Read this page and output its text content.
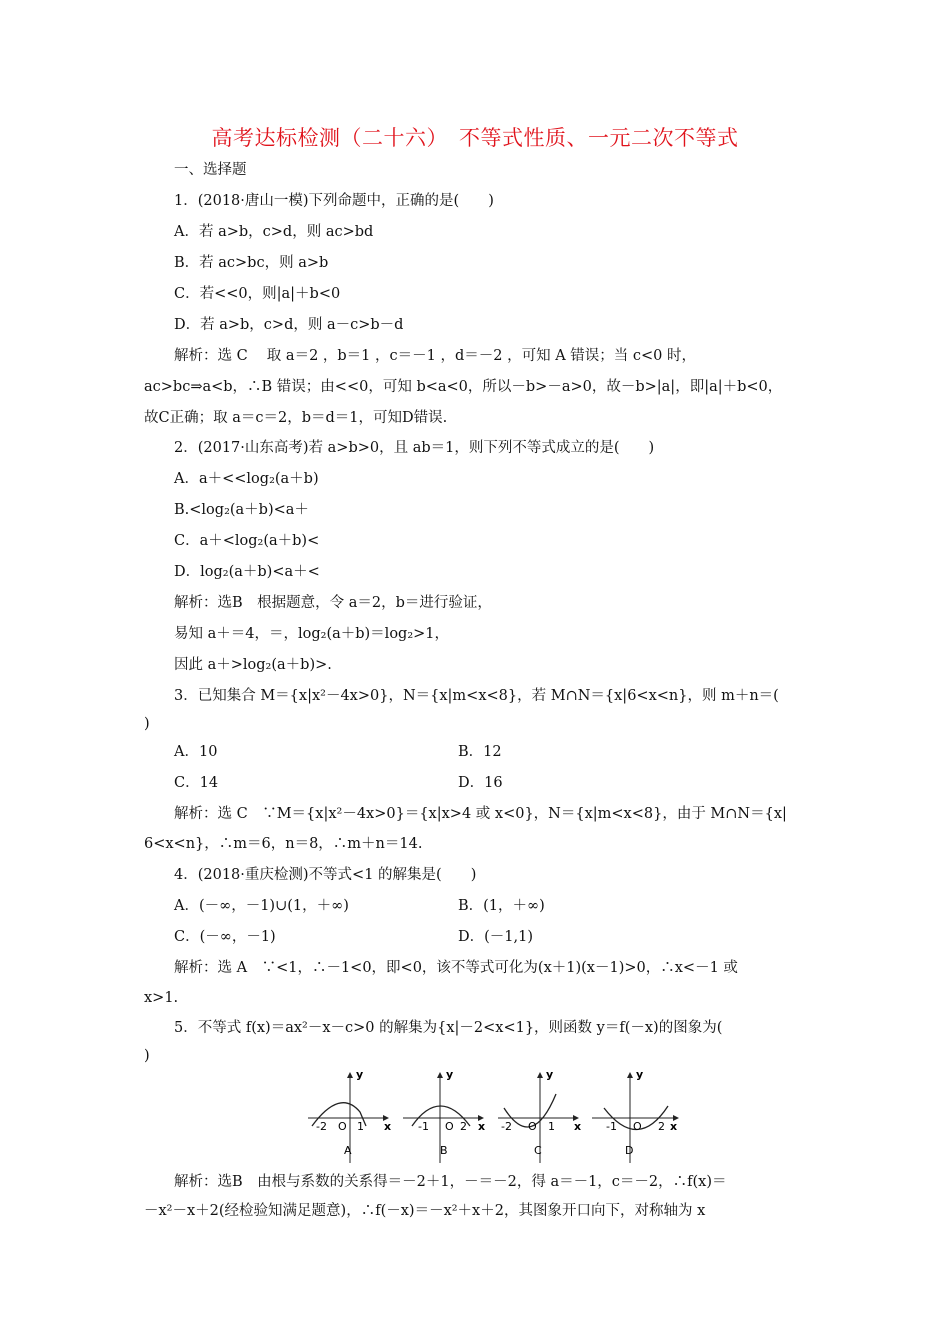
高考达标检测（二十六）　不等式性质、一元二次不等式
一、选择题
1．(2018·唐山一模)下列命题中，正确的是(　　)
A．若 a>b，c>d，则 ac>bd
B．若 ac>bc，则 a>b
C．若<<0，则|a|＋b<0
D．若 a>b，c>d，则 a－c>b－d
解析：选 C　 取 a＝2 ，b＝1 ，c＝－1 ，d＝－2 ，可知 A 错误；当 c<0 时，
ac>bc⇒a<b，∴B 错误；由<<0，可知 b<a<0，所以－b>－a>0，故－b>|a|，即|a|＋b<0，
故C正确；取 a＝c＝2，b＝d＝1，可知D错误.
2．(2017·山东高考)若 a>b>0，且 ab＝1，则下列不等式成立的是(　　)
A．a＋<<log₂(a＋b)
B.<log₂(a＋b)<a＋
C．a＋<log₂(a＋b)<
D．log₂(a＋b)<a＋<
解析：选B　根据题意，令 a＝2，b＝进行验证，
易知 a＋＝4，＝，log₂(a＋b)＝log₂>1，
因此 a＋>log₂(a＋b)>.
3．已知集合 M＝{x|x²－4x>0}，N＝{x|m<x<8}，若 M∩N＝{x|6<x<n}，则 m＋n＝(
)
A．10	B．12
C．14	D．16
解析：选 C　∵M＝{x|x²－4x>0}＝{x|x>4 或 x<0}，N＝{x|m<x<8}，由于 M∩N＝{x|
6<x<n}，∴m＝6，n＝8，∴m＋n＝14.
4．(2018·重庆检测)不等式<1 的解集是(　　)
A．(－∞，－1)∪(1，＋∞)	B．(1，＋∞)
C．(－∞，－1)	D．(－1,1)
解析：选 A　∵<1，∴－1<0，即<0，该不等式可化为(x＋1)(x－1)>0，∴x<－1 或
x>1.
5．不等式 f(x)＝ax²－x－c>0 的解集为{x|－2<x<1}，则函数 y＝f(－x)的图象为(
)
y
x
-2 O 1
A
y
x
-1 O 2
B
y
x
-2 O 1
C
y
x
-1 O 2
D
解析：选B　由根与系数的关系得＝－2＋1，－＝－2，得 a＝－1，c＝－2，∴f(x)＝
－x²－x＋2(经检验知满足题意)，∴f(－x)＝－x²＋x＋2，其图象开口向下，对称轴为 x
